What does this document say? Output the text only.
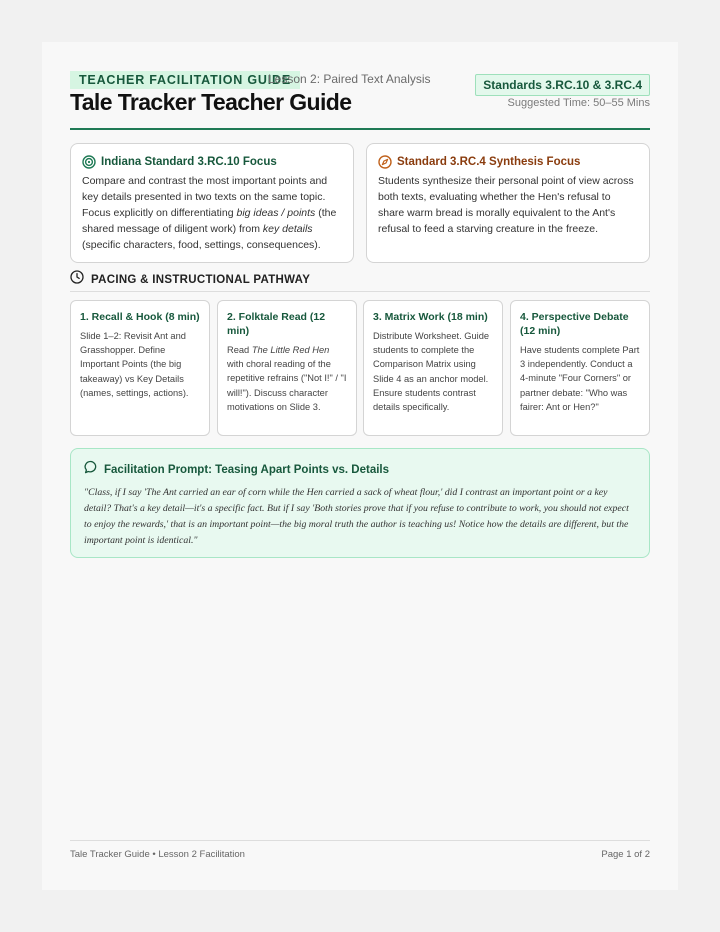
TEACHER FACILITATION GUIDE
Lesson 2: Paired Text Analysis
Tale Tracker Teacher Guide
Standards 3.RC.10 & 3.RC.4
Suggested Time: 50–55 Mins
Indiana Standard 3.RC.10 Focus
Compare and contrast the most important points and key details presented in two texts on the same topic. Focus explicitly on differentiating big ideas / points (the shared message of diligent work) from key details (specific characters, food, settings, consequences).
Standard 3.RC.4 Synthesis Focus
Students synthesize their personal point of view across both texts, evaluating whether the Hen's refusal to share warm bread is morally equivalent to the Ant's refusal to feed a starving creature in the freeze.
PACING & INSTRUCTIONAL PATHWAY
1. Recall & Hook (8 min)
Slide 1–2: Revisit Ant and Grasshopper. Define Important Points (the big takeaway) vs Key Details (names, settings, actions).
2. Folktale Read (12 min)
Read The Little Red Hen with choral reading of the repetitive refrains ("Not I!" / "I will!"). Discuss character motivations on Slide 3.
3. Matrix Work (18 min)
Distribute Worksheet. Guide students to complete the Comparison Matrix using Slide 4 as an anchor model. Ensure students contrast details specifically.
4. Perspective Debate (12 min)
Have students complete Part 3 independently. Conduct a 4-minute "Four Corners" or partner debate: "Who was fairer: Ant or Hen?"
Facilitation Prompt: Teasing Apart Points vs. Details
"Class, if I say 'The Ant carried an ear of corn while the Hen carried a sack of wheat flour,' did I contrast an important point or a key detail? That's a key detail—it's a specific fact. But if I say 'Both stories prove that if you refuse to contribute to work, you should not expect to enjoy the rewards,' that is an important point—the big moral truth the author is teaching us! Notice how the details are different, but the important point is identical."
Tale Tracker Guide • Lesson 2 Facilitation	Page 1 of 2
